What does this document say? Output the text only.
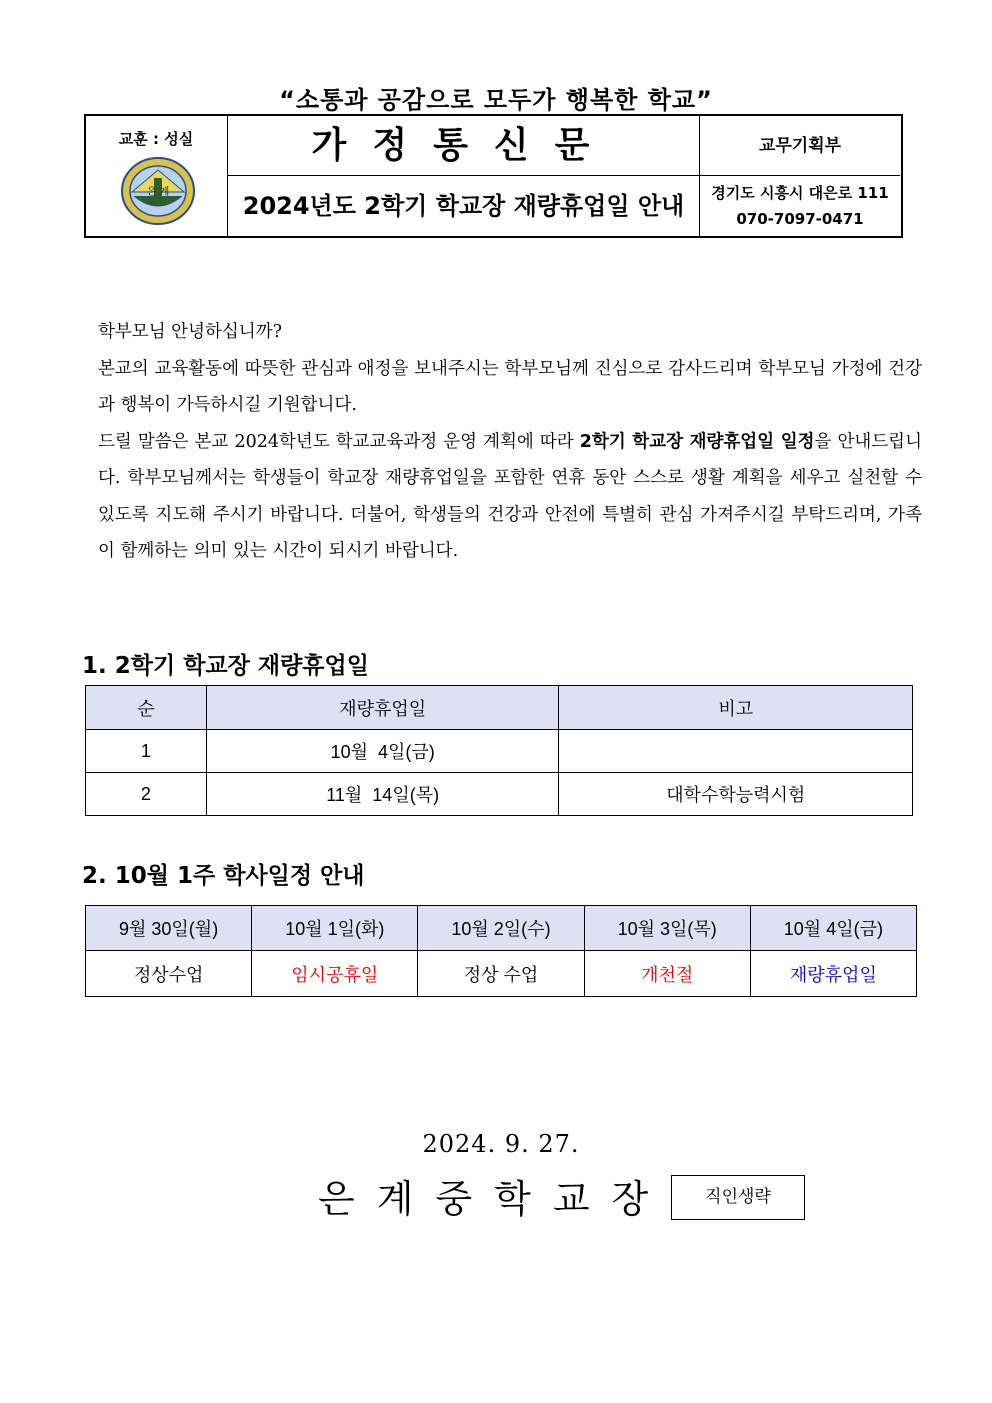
“소통과 공감으로 모두가 행복한 학교”
교훈 : 성실
은 계
가정통신문
2024년도 2학기 학교장 재량휴업일 안내
교무기획부
경기도 시흥시 대은로 111
070-7097-0471

학부모님 안녕하십니까?

본교의 교육활동에 따뜻한 관심과 애정을 보내주시는 학부모님께 진심으로 감사드리며 학부모님 가정에 건강과 행복이 가득하시길 기원합니다.

드릴 말씀은 본교 2024학년도 학교교육과정 운영 계획에 따라 2학기 학교장 재량휴업일 일정을 안내드립니다. 학부모님께서는 학생들이 학교장 재량휴업일을 포함한 연휴 동안 스스로 생활 계획을 세우고 실천할 수 있도록 지도해 주시기 바랍니다. 더불어, 학생들의 건강과 안전에 특별히 관심 가져주시길 부탁드리며, 가족이 함께하는 의미 있는 시간이 되시기 바랍니다.

1. 2학기 학교장 재량휴업일
순	재량휴업일	비고
1	10월  4일(금)	
2	11월  14일(목)	대학수학능력시험
2. 10월 1주 학사일정 안내
9월 30일(월)	10월 1일(화)	10월 2일(수)	10월 3일(목)	10월 4일(금)
정상수업	임시공휴일	정상 수업	개천절	재량휴업일
2024. 9. 27.
은계중학교장	직인생략
